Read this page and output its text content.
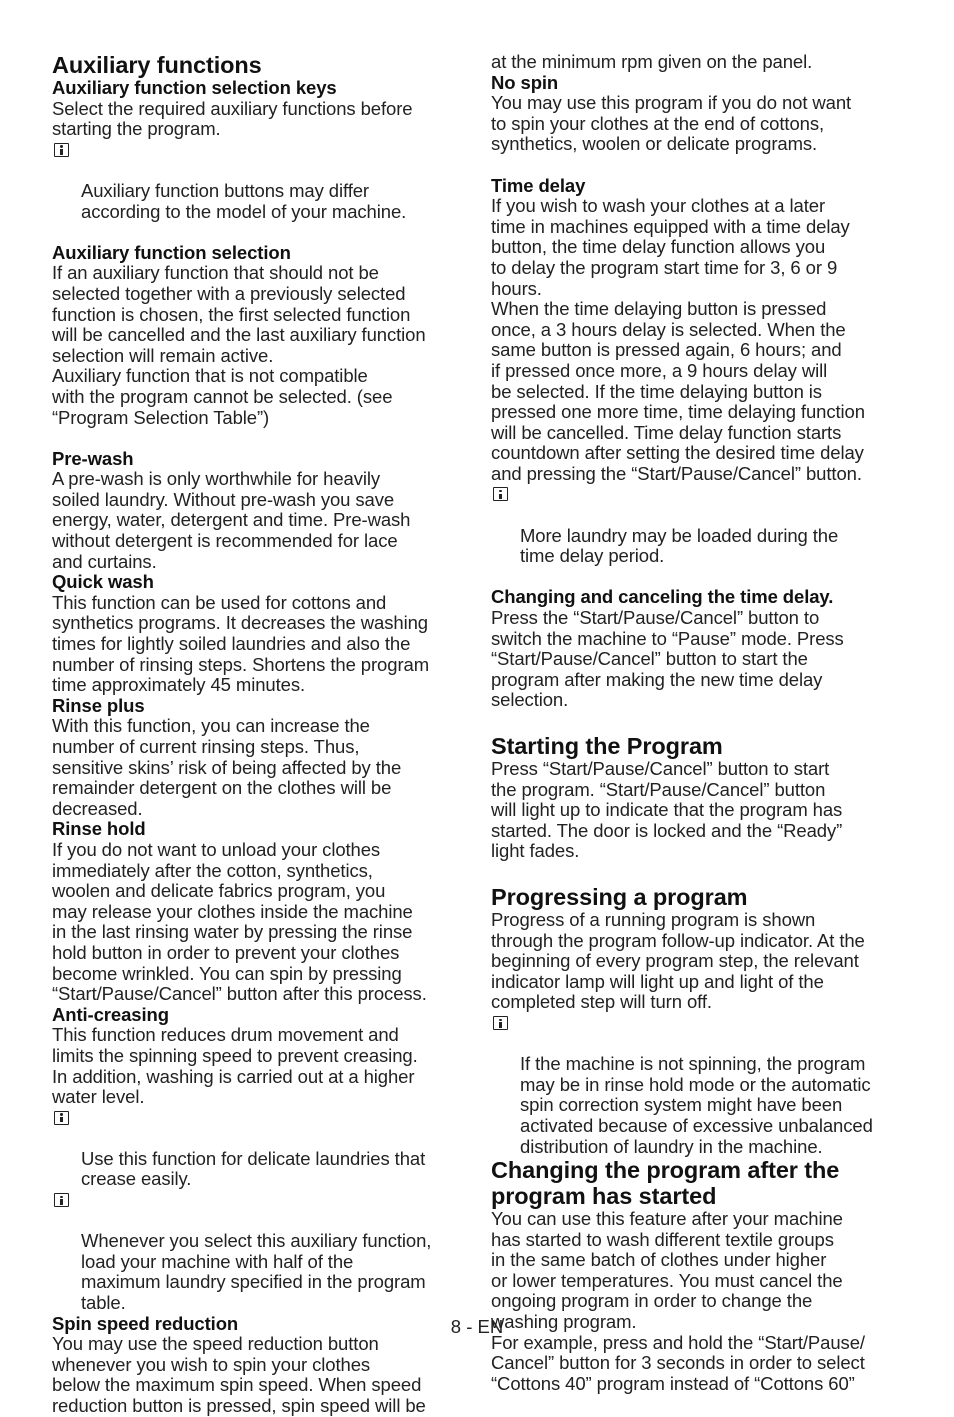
Auxiliary functions
Auxiliary function selection keys

Select the required auxiliary functions before
starting the program.

Auxiliary function buttons may differ
according to the model of your machine.

Auxiliary function selection

If an auxiliary function that should not be
selected together with a previously selected
function is chosen, the first selected function
will be cancelled and the last auxiliary function
selection will remain active.
Auxiliary function that is not compatible
with the program cannot be selected. (see
“Program Selection Table”)

Pre-wash

A pre-wash is only worthwhile for heavily
soiled laundry. Without pre-wash you save
energy, water, detergent and time. Pre-wash
without detergent is recommended for lace
and curtains.

Quick wash

This function can be used for cottons and
synthetics programs. It decreases the washing
times for lightly soiled laundries and also the
number of rinsing steps. Shortens the program
time approximately 45 minutes.

Rinse plus

With this function, you can increase the
number of current rinsing steps. Thus,
sensitive skins’ risk of being affected by the
remainder detergent on the clothes will be
decreased.

Rinse hold

If you do not want to unload your clothes
immediately after the cotton, synthetics,
woolen and delicate fabrics program, you
may release your clothes inside the machine
in the last rinsing water by pressing the rinse
hold button in order to prevent your clothes
become wrinkled. You can spin by pressing
“Start/Pause/Cancel” button after this process.

Anti-creasing

This function reduces drum movement and
limits the spinning speed to prevent creasing.
In addition, washing is carried out at a higher
water level.

Use this function for delicate laundries that
crease easily.

Whenever you select this auxiliary function,
load your machine with half of the
maximum laundry specified in the program
table.

Spin speed reduction

You may use the speed reduction button
whenever you wish to spin your clothes
below the maximum spin speed. When speed
reduction button is pressed, spin speed will be

at the minimum rpm given on the panel.

No spin

You may use this program if you do not want
to spin your clothes at the end of cottons,
synthetics, woolen or delicate programs.

Time delay

If you wish to wash your clothes at a later
time in machines equipped with a time delay
button, the time delay function allows you
to delay the program start time for 3, 6 or 9
hours.
When the time delaying button is pressed
once, a 3 hours delay is selected. When the
same button is pressed again, 6 hours; and
if pressed once more, a 9 hours delay will
be selected. If the time delaying button is
pressed one more time, time delaying function
will be cancelled. Time delay function starts
countdown after setting the desired time delay
and pressing the “Start/Pause/Cancel” button.

More laundry may be loaded during the
time delay period.

Changing and canceling the time delay.

Press the “Start/Pause/Cancel” button to
switch the machine to “Pause” mode. Press
“Start/Pause/Cancel” button to start the
program after making the new time delay
selection.

Starting the Program

Press “Start/Pause/Cancel” button to start
the program. “Start/Pause/Cancel” button
will light up to indicate that the program has
started. The door is locked and the “Ready”
light fades.

Progressing a program

Progress of a running program is shown
through the program follow-up indicator. At the
beginning of every program step, the relevant
indicator lamp will light up and light of the
completed step will turn off.

If the machine is not spinning, the program
may be in rinse hold mode or the automatic
spin correction system might have been
activated because of excessive unbalanced
distribution of laundry in the machine.

Changing the program after the
program has started

You can use this feature after your machine
has started to wash different textile groups
in the same batch of clothes under higher
or lower temperatures. You must cancel the
ongoing program in order to change the
washing program.
For example, press and hold the “Start/Pause/
Cancel” button for 3 seconds in order to select
“Cottons 40” program instead of “Cottons 60”

8 - EN
